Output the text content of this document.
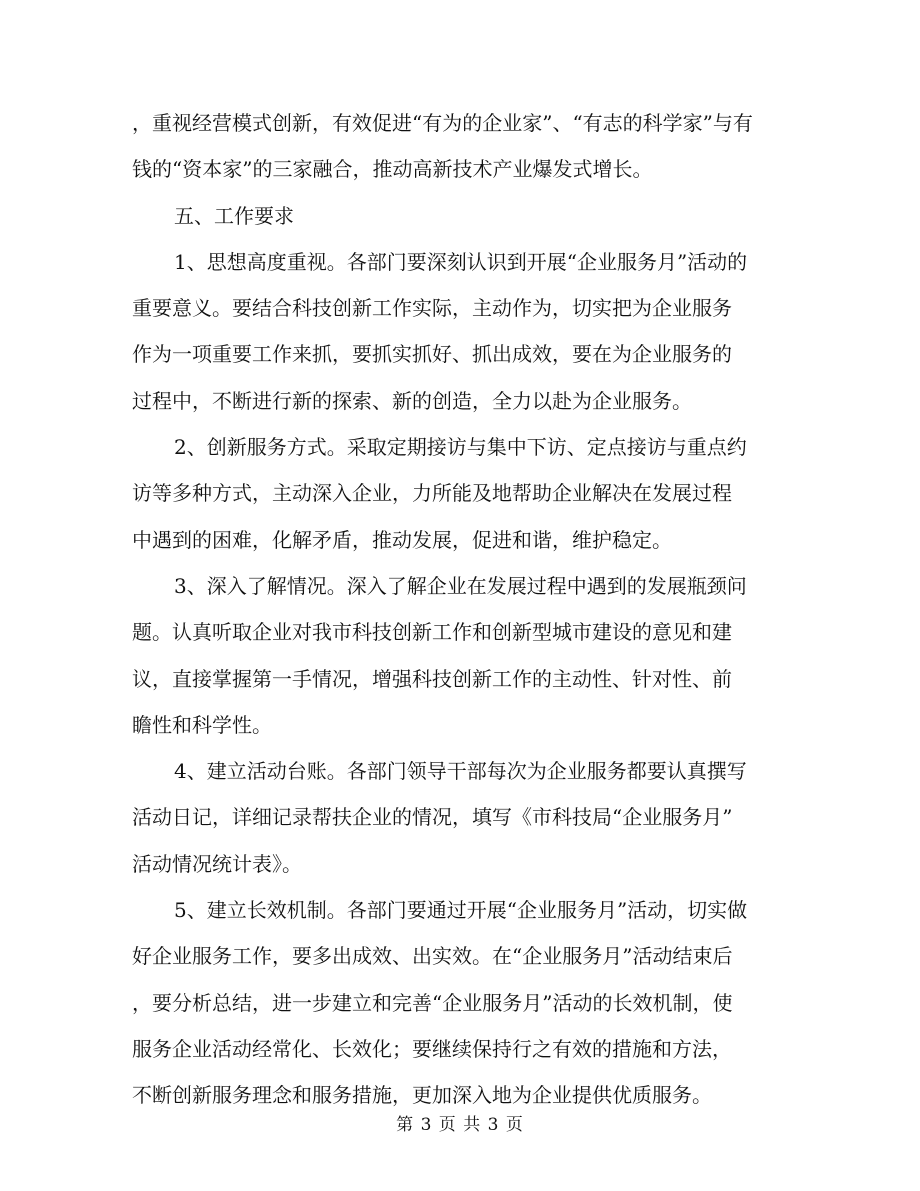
，重视经营模式创新，有效促进“有为的企业家”、“有志的科学家”与有
钱的“资本家”的三家融合，推动高新技术产业爆发式增长。

五、工作要求

1、思想高度重视。各部门要深刻认识到开展“企业服务月”活动的
重要意义。要结合科技创新工作实际，主动作为，切实把为企业服务
作为一项重要工作来抓，要抓实抓好、抓出成效，要在为企业服务的
过程中，不断进行新的探索、新的创造，全力以赴为企业服务。

2、创新服务方式。采取定期接访与集中下访、定点接访与重点约
访等多种方式，主动深入企业，力所能及地帮助企业解决在发展过程
中遇到的困难，化解矛盾，推动发展，促进和谐，维护稳定。

3、深入了解情况。深入了解企业在发展过程中遇到的发展瓶颈问
题。认真听取企业对我市科技创新工作和创新型城市建设的意见和建
议，直接掌握第一手情况，增强科技创新工作的主动性、针对性、前
瞻性和科学性。

4、建立活动台账。各部门领导干部每次为企业服务都要认真撰写
活动日记，详细记录帮扶企业的情况，填写《市科技局“企业服务月”
活动情况统计表》。

5、建立长效机制。各部门要通过开展“企业服务月”活动，切实做
好企业服务工作，要多出成效、出实效。在“企业服务月”活动结束后
，要分析总结，进一步建立和完善“企业服务月”活动的长效机制，使
服务企业活动经常化、长效化；要继续保持行之有效的措施和方法，
不断创新服务理念和服务措施，更加深入地为企业提供优质服务。

第 3 页 共 3 页
